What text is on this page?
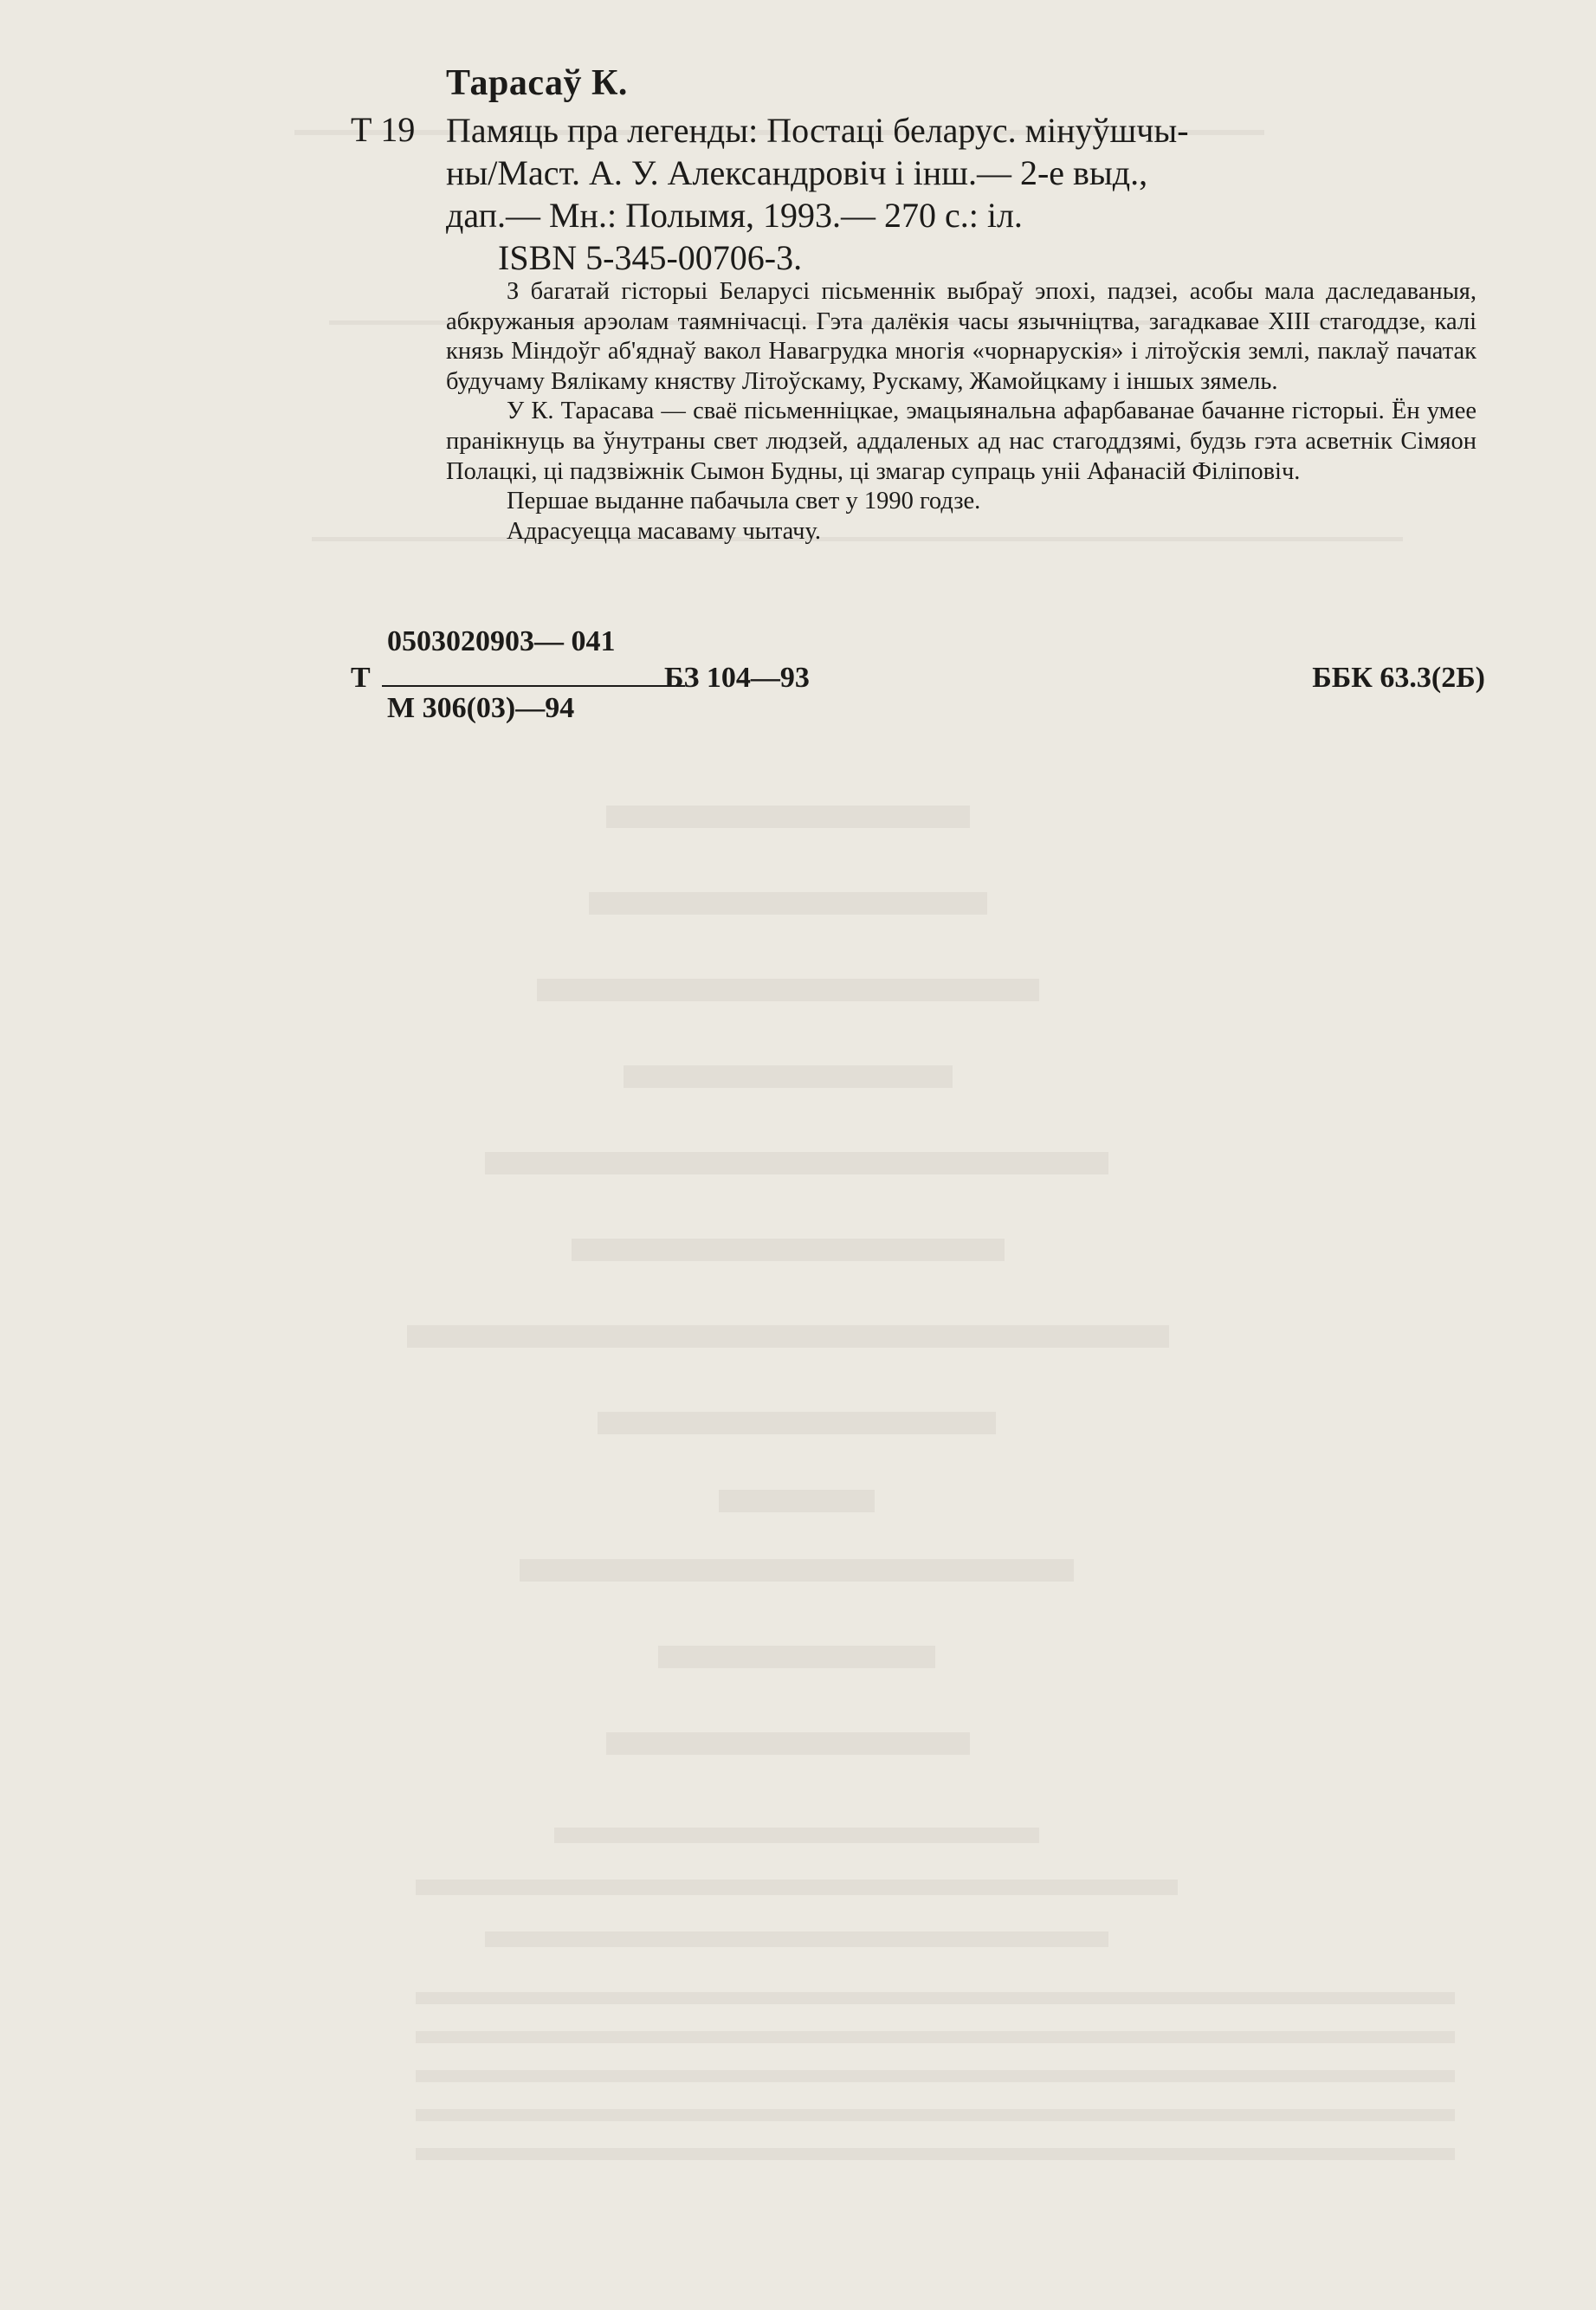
Тарасаў К.
Т 19 Памяць пра легенды: Постаці беларус. мінуўшчы-
ны/Маст. А. У. Александровіч і інш.— 2-е выд.,
дап.— Мн.: Полымя, 1993.— 270 с.: іл.
ISBN 5-345-00706-3.

З багатай гісторыі Беларусі пісьменнік выбраў эпохі, падзеі, асобы мала даследаваныя, абкружаныя арэолам таямнічасці. Гэта далёкія часы язычніцтва, загадкавае XIII стагоддзе, калі князь Міндоўг аб'яднаў вакол Навагрудка многія «чорнарускія» і літоўскія землі, паклаў пачатак будучаму Вялікаму княству Літоўскаму, Рускаму, Жамойцкаму і іншых зямель.

У К. Тарасава — сваё пісьменніцкае, эмацыянальна афарбаванае бачанне гісторыі. Ён умее пранікнуць ва ўнутраны свет людзей, аддаленых ад нас стагоддзямі, будзь гэта асветнік Сімяон Полацкі, ці падзвіжнік Сымон Будны, ці змагар супраць уніі Афанасій Філіповіч.

Першае выданне пабачыла свет у 1990 годзе.

Адрасуецца масаваму чытачу.

Т
0503020903— 041
БЗ 104—93
М 306(03)—94
ББК 63.3(2Б)
